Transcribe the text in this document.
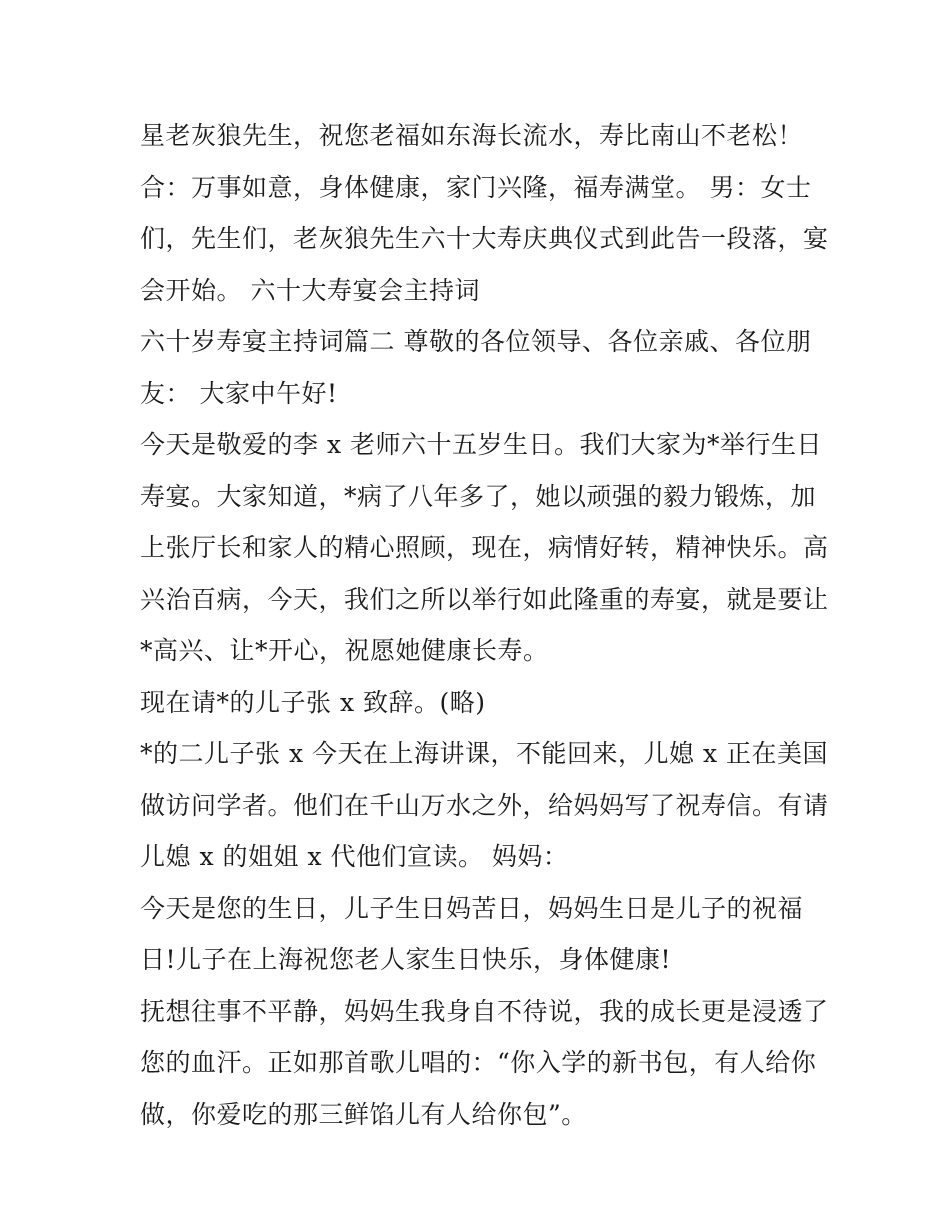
星老灰狼先生，祝您老福如东海长流水，寿比南山不老松！
合：万事如意，身体健康，家门兴隆，福寿满堂。 男：女士
们，先生们，老灰狼先生六十大寿庆典仪式到此告一段落，宴
会开始。 六十大寿宴会主持词
六十岁寿宴主持词篇二 尊敬的各位领导、各位亲戚、各位朋
友： 大家中午好!
今天是敬爱的李 x 老师六十五岁生日。我们大家为*举行生日
寿宴。大家知道，*病了八年多了，她以顽强的毅力锻炼，加
上张厅长和家人的精心照顾，现在，病情好转，精神快乐。高
兴治百病，今天，我们之所以举行如此隆重的寿宴，就是要让
*高兴、让*开心，祝愿她健康长寿。
现在请*的儿子张 x 致辞。(略)
*的二儿子张 x 今天在上海讲课，不能回来，儿媳 x 正在美国
做访问学者。他们在千山万水之外，给妈妈写了祝寿信。有请
儿媳 x 的姐姐 x 代他们宣读。 妈妈：
今天是您的生日，儿子生日妈苦日，妈妈生日是儿子的祝福
日!儿子在上海祝您老人家生日快乐，身体健康!
抚想往事不平静，妈妈生我身自不待说，我的成长更是浸透了
您的血汗。正如那首歌儿唱的：“你入学的新书包，有人给你
做，你爱吃的那三鲜馅儿有人给你包”。
